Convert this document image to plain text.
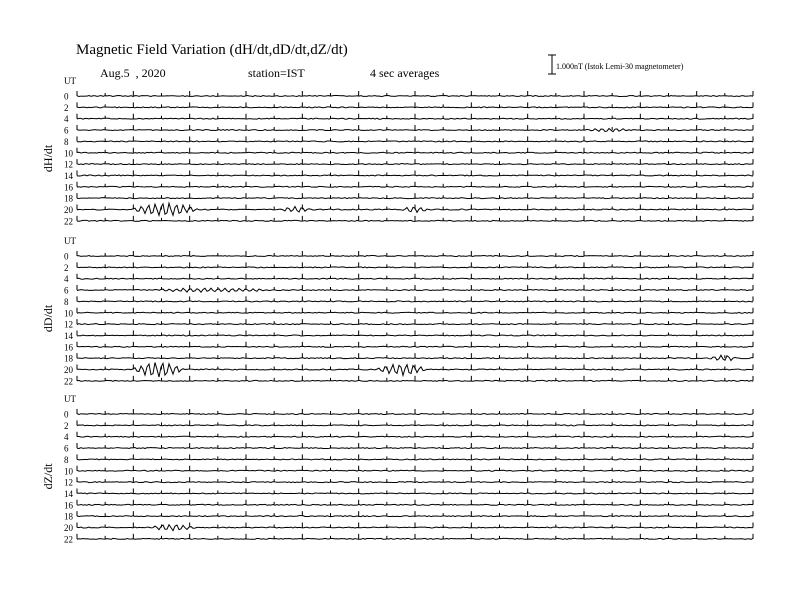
Magnetic Field Variation (dH/dt,dD/dt,dZ/dt)
Aug.5  , 2020	station=IST	4 sec averages	1.000nT (Istok Lemi-30 magnetometer)
dH/dt
UT
0
2
4
6
8
10
12
14
16
18
20
22
dD/dt
UT
0
2
4
6
8
10
12
14
16
18
20
22
dZ/dt
UT
0
2
4
6
8
10
12
14
16
18
20
22
